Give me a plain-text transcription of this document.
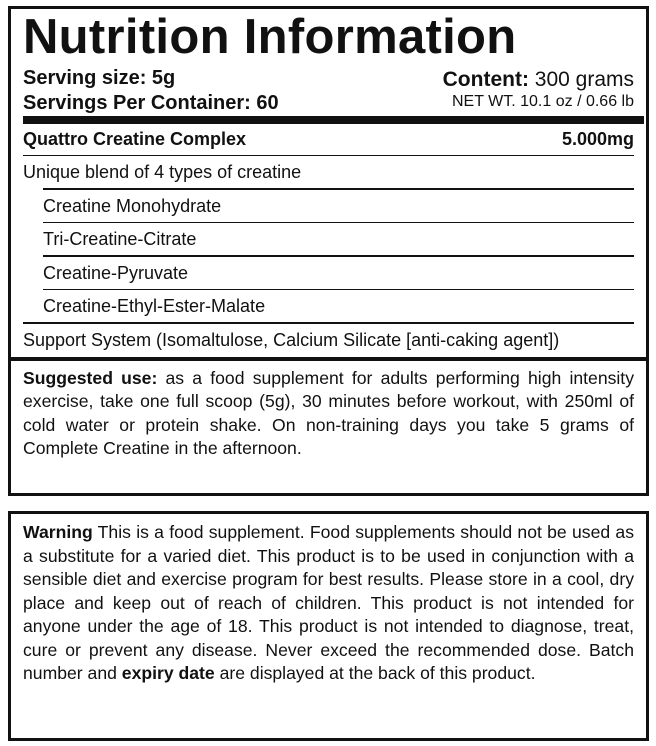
Nutrition Information
Serving size: 5g
Servings Per Container: 60
Content: 300 grams
NET WT. 10.1 oz / 0.66 lb
Quattro Creatine Complex	5.000mg
Unique blend of 4 types of creatine
Creatine Monohydrate
Tri-Creatine-Citrate
Creatine-Pyruvate
Creatine-Ethyl-Ester-Malate
Support System (Isomaltulose, Calcium Silicate [anti-caking agent])
Suggested use: as a food supplement for adults performing high intensity exercise, take one full scoop (5g), 30 minutes before workout, with 250ml of cold water or protein shake. On non-training days you take 5 grams of Complete Creatine in the afternoon.
Warning This is a food supplement. Food supplements should not be used as a substitute for a varied diet. This product is to be used in conjunction with a sensible diet and exercise program for best results. Please store in a cool, dry place and keep out of reach of children. This product is not intended for anyone under the age of 18. This product is not intended to diagnose, treat, cure or prevent any disease. Never exceed the recommended dose. Batch number and expiry date are displayed at the back of this product.
